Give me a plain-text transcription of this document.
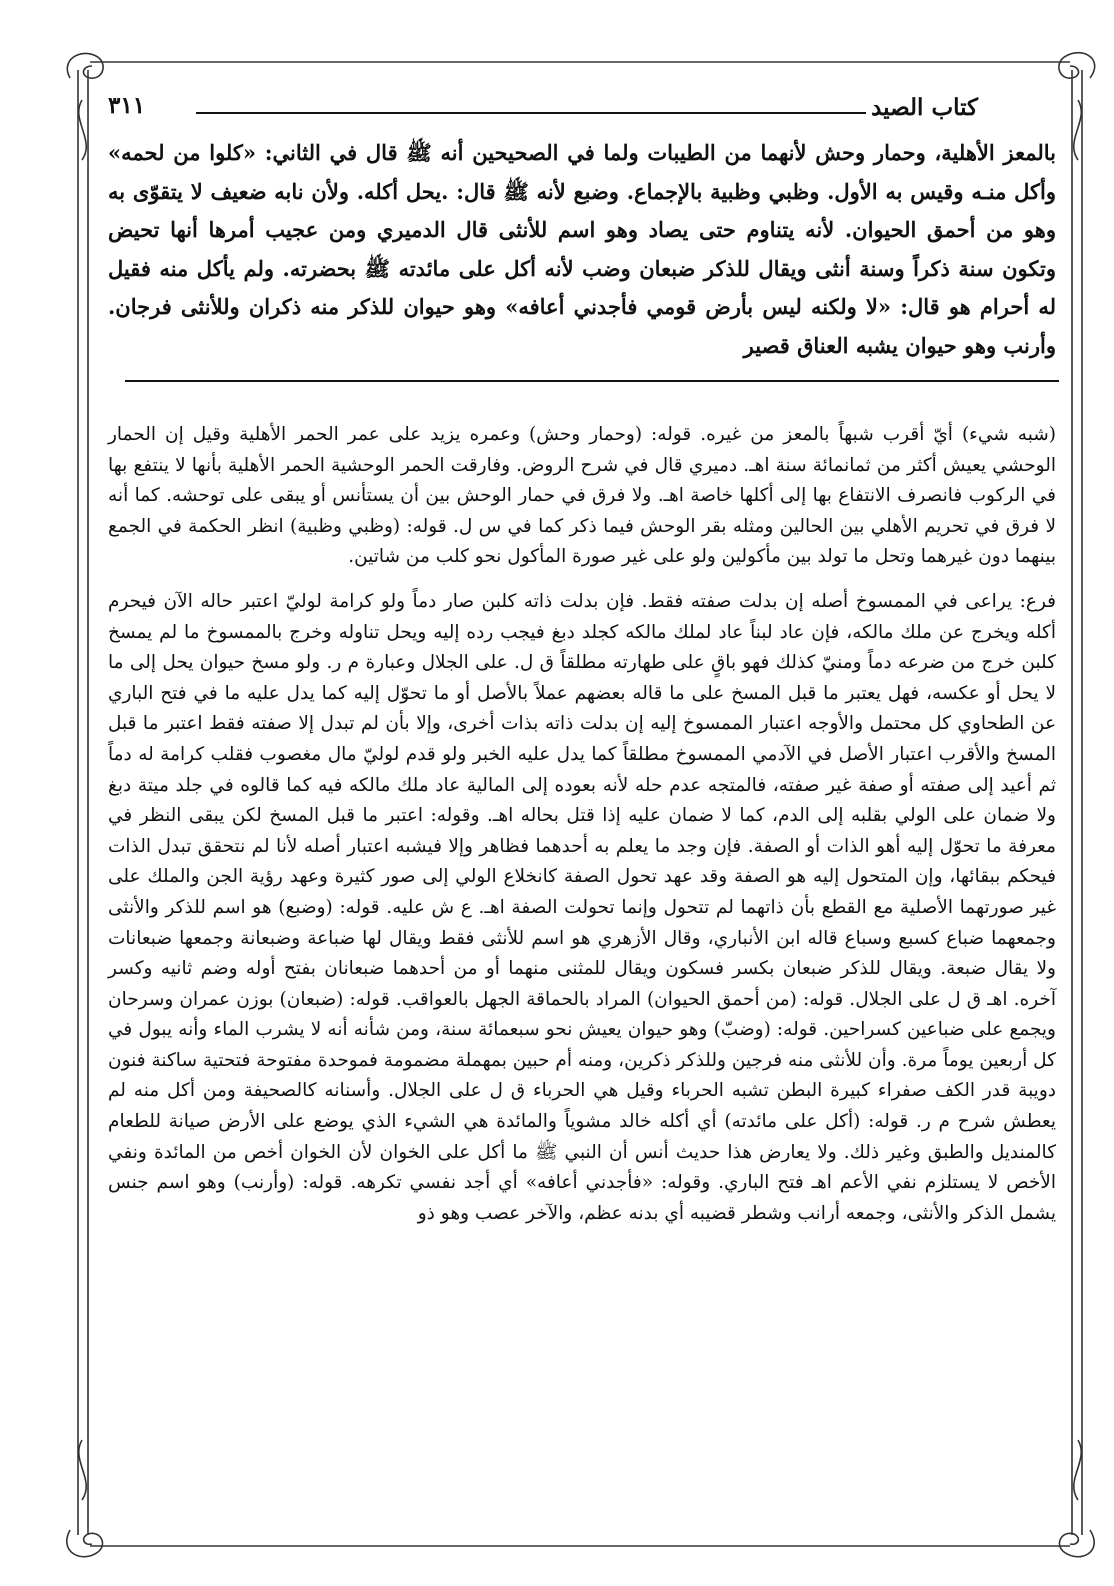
كتاب الصيد
٣١١

بالمعز الأهلية، وحمار وحش لأنهما من الطيبات ولما في الصحيحين أنه ﷺ قال في الثاني: «كلوا من لحمه» وأكل منـه وقيس به الأول. وظبي وظبية بالإجماع. وضبع لأنه ﷺ قال: .يحل أكله. ولأن نابه ضعيف لا يتقوّى به وهو من أحمق الحيوان. لأنه يتناوم حتى يصاد وهو اسم للأنثى قال الدميري ومن عجيب أمرها أنها تحيض وتكون سنة ذكراً وسنة أنثى ويقال للذكر ضبعان وضب لأنه أكل على مائدته ﷺ بحضرته. ولم يأكل منه فقيل له أحرام هو قال: «لا ولكنه ليس بأرض قومي فأجدني أعافه» وهو حيوان للذكر منه ذكران وللأنثى فرجان. وأرنب وهو حيوان يشبه العناق قصير

(شبه شيء) أيّ أقرب شبهاً بالمعز من غيره. قوله: (وحمار وحش) وعمره يزيد على عمر الحمر الأهلية وقيل إن الحمار الوحشي يعيش أكثر من ثمانمائة سنة اهـ. دميري قال في شرح الروض. وفارقت الحمر الوحشية الحمر الأهلية بأنها لا ينتفع بها في الركوب فانصرف الانتفاع بها إلى أكلها خاصة اهـ. ولا فرق في حمار الوحش بين أن يستأنس أو يبقى على توحشه. كما أنه لا فرق في تحريم الأهلي بين الحالين ومثله بقر الوحش فيما ذكر كما في س ل. قوله: (وظبي وظبية) انظر الحكمة في الجمع بينهما دون غيرهما وتحل ما تولد بين مأكولين ولو على غير صورة المأكول نحو كلب من شاتين.

فرع: يراعى في الممسوخ أصله إن بدلت صفته فقط. فإن بدلت ذاته كلبن صار دماً ولو كرامة لوليّ اعتبر حاله الآن فيحرم أكله ويخرج عن ملك مالكه، فإن عاد لبناً عاد لملك مالكه كجلد دبغ فيجب رده إليه ويحل تناوله وخرج بالممسوخ ما لم يمسخ كلبن خرج من ضرعه دماً ومنيّ كذلك فهو باقٍ على طهارته مطلقاً ق ل. على الجلال وعبارة م ر. ولو مسخ حيوان يحل إلى ما لا يحل أو عكسه، فهل يعتبر ما قبل المسخ على ما قاله بعضهم عملاً بالأصل أو ما تحوّل إليه كما يدل عليه ما في فتح الباري عن الطحاوي كل محتمل والأوجه اعتبار الممسوخ إليه إن بدلت ذاته بذات أخرى، وإلا بأن لم تبدل إلا صفته فقط اعتبر ما قبل المسخ والأقرب اعتبار الأصل في الآدمي الممسوخ مطلقاً كما يدل عليه الخبر ولو قدم لوليّ مال مغصوب فقلب كرامة له دماً ثم أعيد إلى صفته أو صفة غير صفته، فالمتجه عدم حله لأنه بعوده إلى المالية عاد ملك مالكه فيه كما قالوه في جلد ميتة دبغ ولا ضمان على الولي بقلبه إلى الدم، كما لا ضمان عليه إذا قتل بحاله اهـ. وقوله: اعتبر ما قبل المسخ لكن يبقى النظر في معرفة ما تحوّل إليه أهو الذات أو الصفة. فإن وجد ما يعلم به أحدهما فظاهر وإلا فيشبه اعتبار أصله لأنا لم نتحقق تبدل الذات فيحكم ببقائها، وإن المتحول إليه هو الصفة وقد عهد تحول الصفة كانخلاع الولي إلى صور كثيرة وعهد رؤية الجن والملك على غير صورتهما الأصلية مع القطع بأن ذاتهما لم تتحول وإنما تحولت الصفة اهـ. ع ش عليه. قوله: (وضبع) هو اسم للذكر والأنثى وجمعهما ضباع كسبع وسباع قاله ابن الأنباري، وقال الأزهري هو اسم للأنثى فقط ويقال لها ضباعة وضبعانة وجمعها ضبعانات ولا يقال ضبعة. ويقال للذكر ضبعان بكسر فسكون ويقال للمثنى منهما أو من أحدهما ضبعانان بفتح أوله وضم ثانيه وكسر آخره. اهـ ق ل على الجلال. قوله: (من أحمق الحيوان) المراد بالحماقة الجهل بالعواقب. قوله: (ضبعان) بوزن عمران وسرحان ويجمع على ضباعين كسراحين. قوله: (وضبّ) وهو حيوان يعيش نحو سبعمائة سنة، ومن شأنه أنه لا يشرب الماء وأنه يبول في كل أربعين يوماً مرة. وأن للأنثى منه فرجين وللذكر ذكرين، ومنه أم حبين بمهملة مضمومة فموحدة مفتوحة فتحتية ساكنة فنون دويبة قدر الكف صفراء كبيرة البطن تشبه الحرباء وقيل هي الحرباء ق ل على الجلال. وأسنانه كالصحيفة ومن أكل منه لم يعطش شرح م ر. قوله: (أكل على مائدته) أي أكله خالد مشوياً والمائدة هي الشيء الذي يوضع على الأرض صيانة للطعام كالمنديل والطبق وغير ذلك. ولا يعارض هذا حديث أنس أن النبي ﷺ ما أكل على الخوان لأن الخوان أخص من المائدة ونفي الأخص لا يستلزم نفي الأعم اهـ فتح الباري. وقوله: «فأجدني أعافه» أي أجد نفسي تكرهه. قوله: (وأرنب) وهو اسم جنس يشمل الذكر والأنثى، وجمعه أرانب وشطر قضيبه أي بدنه عظم، والآخر عصب وهو ذو
